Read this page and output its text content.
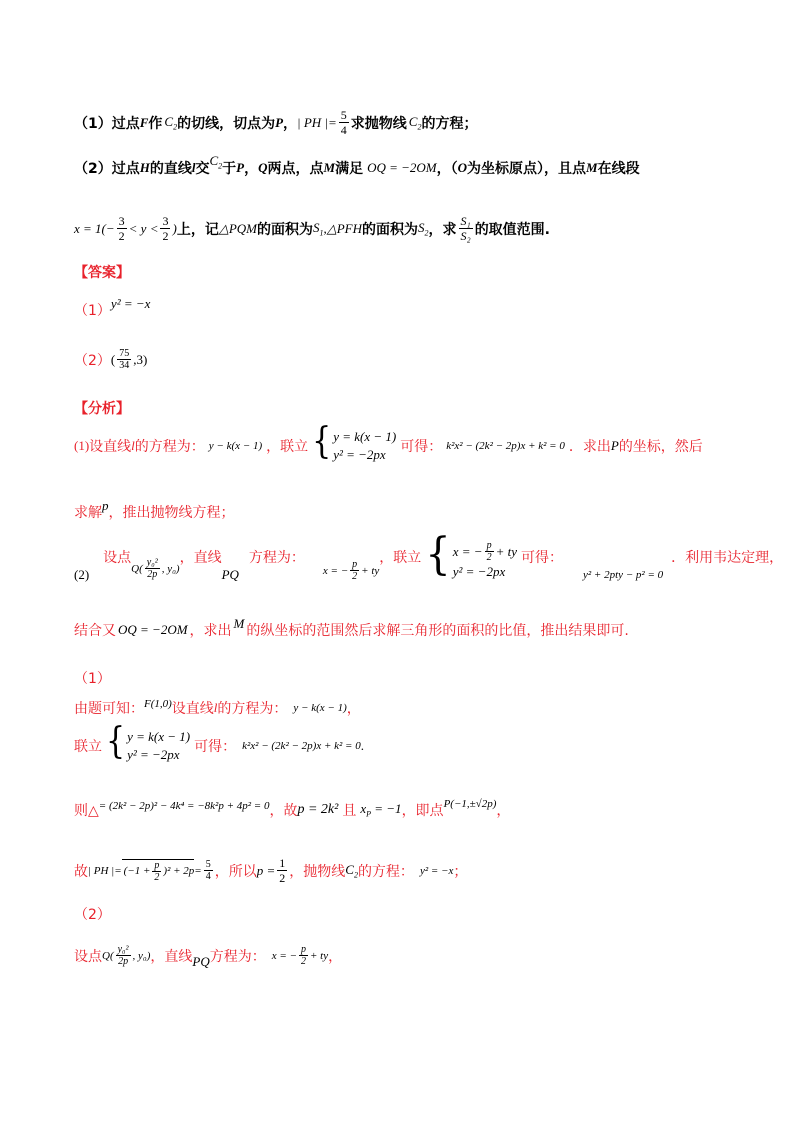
（1）过点 F 作 $C_2$ 的切线，切点为 P ， | PH |= $\frac{5}{4}$ 求抛物线 $C_2$ 的方程；
（2）过点 H 的直线 l 交
$C_2$ 于 P ， Q 两点，点 M 满足 OQ = −2OM ，（ O 为坐标原点），且点 M 在线段
$x = 1(- \frac{3}{2} < y < \frac{3}{2}$ ) 上，记 △PQM 的面积为 $S_1$ ,△PFH 的面积为 $S_2$ ，求 $\frac{\text{S₁}}{\text{S₂}}$ 的取值范围.
【答案】
（1） y² = −x
（2） ( $\frac{75}{34} ,3$)
【分析】
(1) 设直线 l 的方程为： y − k(x − 1) ，联立 { y = k(x − 1)
y² = −2px	可得： k²x² − (2k² − 2p)x + k² = 0 ．求出 P 的坐标，然后
求解 p ，推出抛物线方程；
(2)
设点
$Q( \frac{\text{y₀²}}{2p}$ , y₀)
，直线
PQ
方程为：
x = − $\frac{p}{2}$ + ty
，联立 { x = − $\frac{p}{2}$ + ty
y² = −2px
可得：
y² + 2pty − p² = 0
．利用韦达定理，
结合又 OQ = −2OM ，求出 M 的纵坐标的范围然后求解三角形的面积的比值，推出结果即可.
（1）
由题可知： F(1,0) 设直线 l 的方程为： y − k(x − 1) ，
联立 { y = k(x − 1)
y² = −2px	可得： k²x² − (2k² − 2p)x + k² = 0 .
则△ = (2k² − 2p)² − 4k⁴ = −8k²p + 4p² = 0 ，故 p = 2k² 且 $x_P = -1$ ，即点 P(−1,±√2p) ，
故 | PH |= $(-1 + \frac{p}{2} )^2 + 2p = \frac{5}{4}$ ，所以 $p = \frac{1}{2}$ ，抛物线 $C_2$ 的方程： y² = −x ；
（2）
设点 $Q( \frac{\text{y₀²}}{2p}$ , y₀) ，直线 PQ 方程为： x = − $\frac{p}{2}$ + ty ，
